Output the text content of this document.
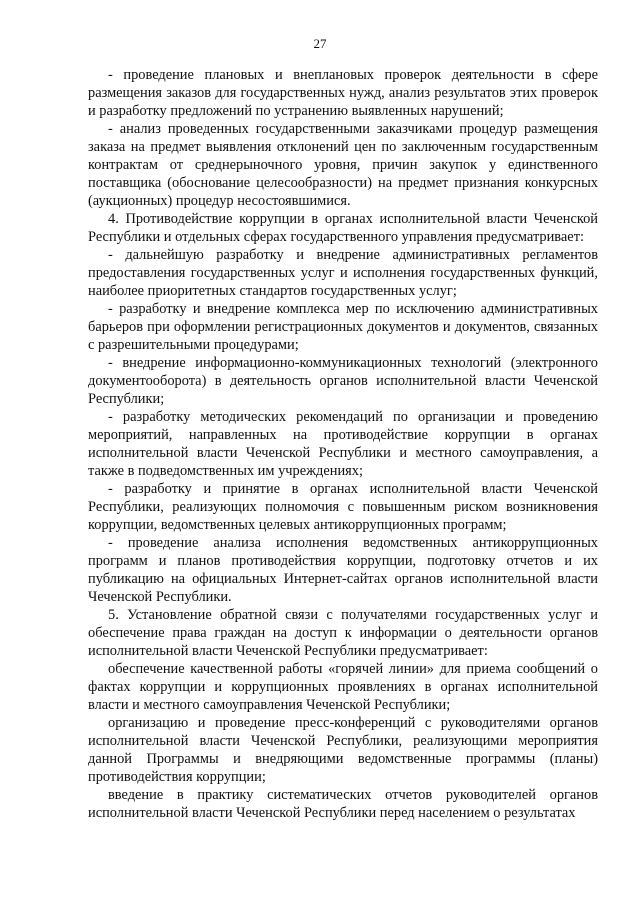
27

- проведение плановых и внеплановых проверок деятельности в сфере размещения заказов для государственных нужд, анализ результатов этих проверок и разработку предложений по устранению выявленных нарушений;

- анализ проведенных государственными заказчиками процедур размещения заказа на предмет выявления отклонений цен по заключенным государственным контрактам от среднерыночного уровня, причин закупок у единственного поставщика (обоснование целесообразности) на предмет признания конкурсных (аукционных) процедур несостоявшимися.

4. Противодействие коррупции в органах исполнительной власти Чеченской Республики и отдельных сферах государственного управления предусматривает:

- дальнейшую разработку и внедрение административных регламентов предоставления государственных услуг и исполнения государственных функций, наиболее приоритетных стандартов государственных услуг;

- разработку и внедрение комплекса мер по исключению административных барьеров при оформлении регистрационных документов и документов, связанных с разрешительными процедурами;

- внедрение информационно-коммуникационных технологий (электронного документооборота) в деятельность органов исполнительной власти Чеченской Республики;

- разработку методических рекомендаций по организации и проведению мероприятий, направленных на противодействие коррупции в органах исполнительной власти Чеченской Республики и местного самоуправления, а также в подведомственных им учреждениях;

- разработку и принятие в органах исполнительной власти Чеченской Республики, реализующих полномочия с повышенным риском возникновения коррупции, ведомственных целевых антикоррупционных программ;

- проведение анализа исполнения ведомственных антикоррупционных программ и планов противодействия коррупции, подготовку отчетов и их публикацию на официальных Интернет-сайтах органов исполнительной власти Чеченской Республики.

5. Установление обратной связи с получателями государственных услуг и обеспечение права граждан на доступ к информации о деятельности органов исполнительной власти Чеченской Республики предусматривает:

обеспечение качественной работы «горячей линии» для приема сообщений о фактах коррупции и коррупционных проявлениях в органах исполнительной власти и местного самоуправления Чеченской Республики;

организацию и проведение пресс-конференций с руководителями органов исполнительной власти Чеченской Республики, реализующими мероприятия данной Программы и внедряющими ведомственные программы (планы) противодействия коррупции;

введение в практику систематических отчетов руководителей органов исполнительной власти Чеченской Республики перед населением о результатах
